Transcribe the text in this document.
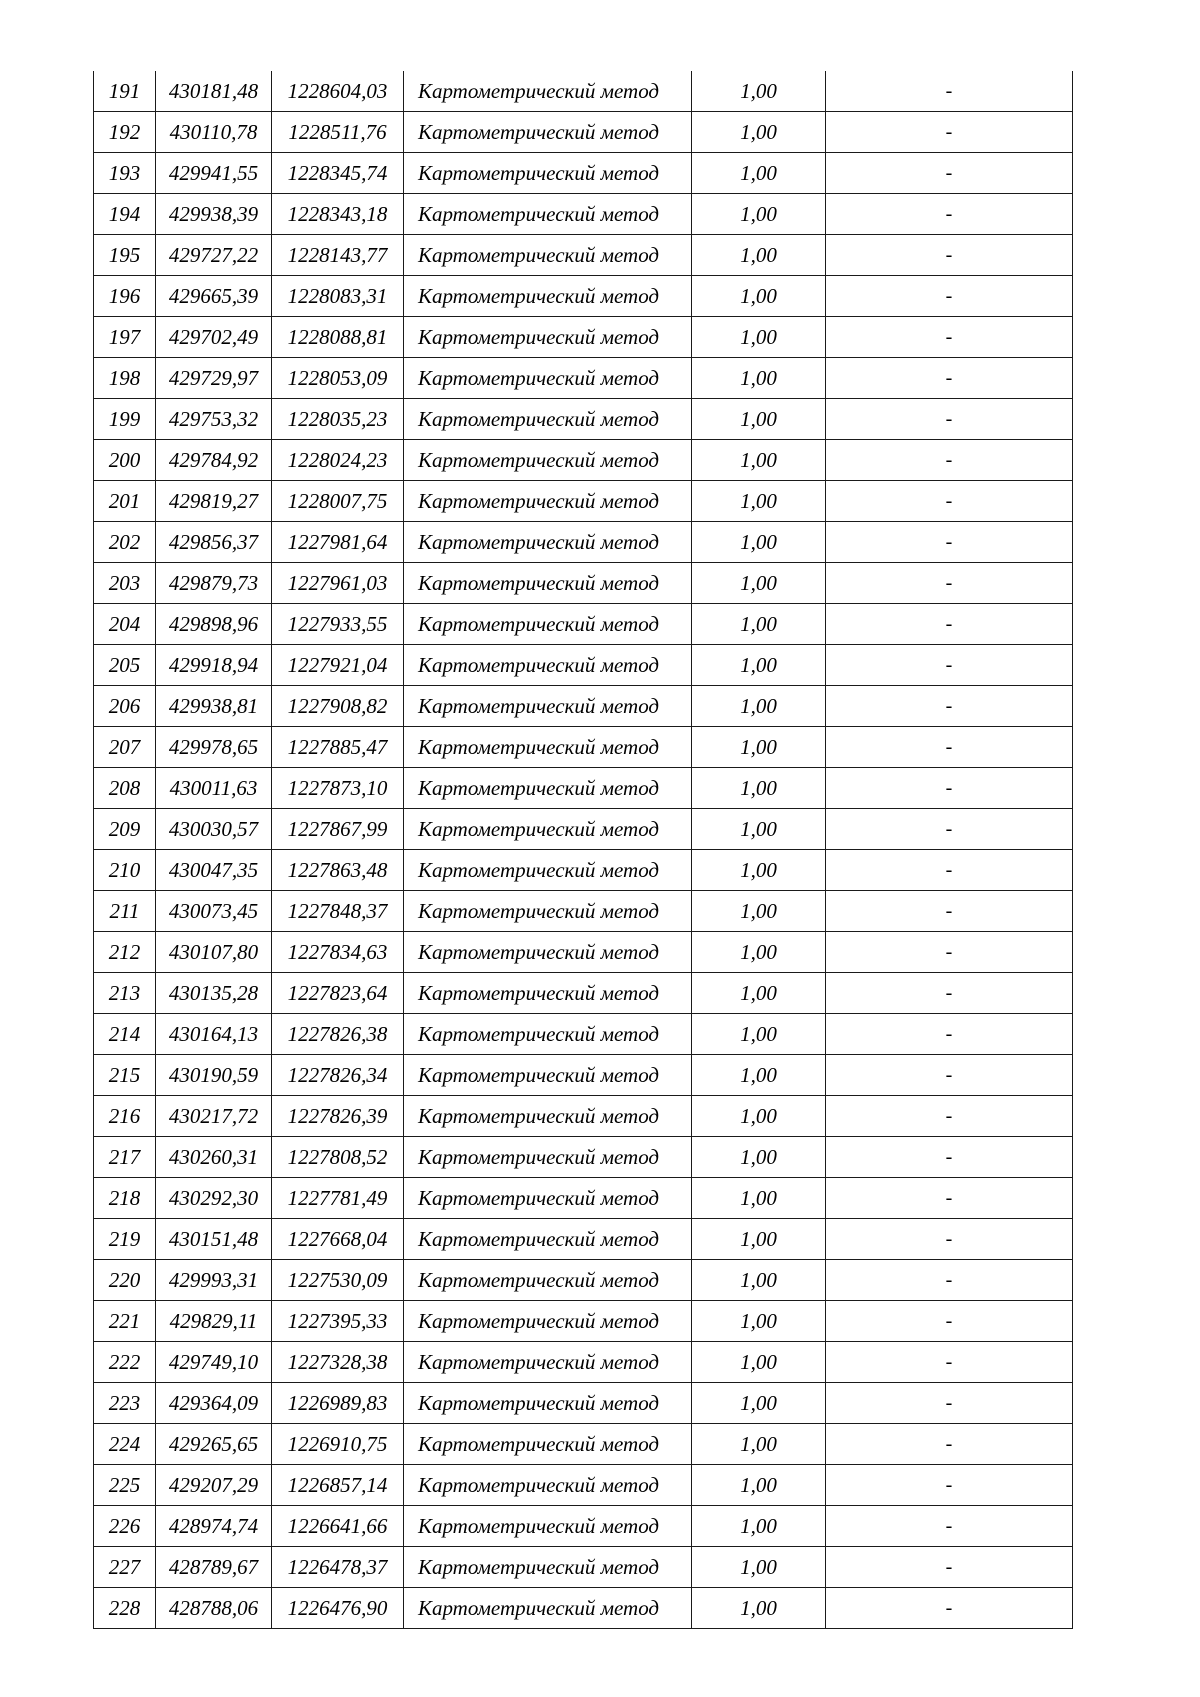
191	430181,48	1228604,03	Картометрический метод	1,00	-
192	430110,78	1228511,76	Картометрический метод	1,00	-
193	429941,55	1228345,74	Картометрический метод	1,00	-
194	429938,39	1228343,18	Картометрический метод	1,00	-
195	429727,22	1228143,77	Картометрический метод	1,00	-
196	429665,39	1228083,31	Картометрический метод	1,00	-
197	429702,49	1228088,81	Картометрический метод	1,00	-
198	429729,97	1228053,09	Картометрический метод	1,00	-
199	429753,32	1228035,23	Картометрический метод	1,00	-
200	429784,92	1228024,23	Картометрический метод	1,00	-
201	429819,27	1228007,75	Картометрический метод	1,00	-
202	429856,37	1227981,64	Картометрический метод	1,00	-
203	429879,73	1227961,03	Картометрический метод	1,00	-
204	429898,96	1227933,55	Картометрический метод	1,00	-
205	429918,94	1227921,04	Картометрический метод	1,00	-
206	429938,81	1227908,82	Картометрический метод	1,00	-
207	429978,65	1227885,47	Картометрический метод	1,00	-
208	430011,63	1227873,10	Картометрический метод	1,00	-
209	430030,57	1227867,99	Картометрический метод	1,00	-
210	430047,35	1227863,48	Картометрический метод	1,00	-
211	430073,45	1227848,37	Картометрический метод	1,00	-
212	430107,80	1227834,63	Картометрический метод	1,00	-
213	430135,28	1227823,64	Картометрический метод	1,00	-
214	430164,13	1227826,38	Картометрический метод	1,00	-
215	430190,59	1227826,34	Картометрический метод	1,00	-
216	430217,72	1227826,39	Картометрический метод	1,00	-
217	430260,31	1227808,52	Картометрический метод	1,00	-
218	430292,30	1227781,49	Картометрический метод	1,00	-
219	430151,48	1227668,04	Картометрический метод	1,00	-
220	429993,31	1227530,09	Картометрический метод	1,00	-
221	429829,11	1227395,33	Картометрический метод	1,00	-
222	429749,10	1227328,38	Картометрический метод	1,00	-
223	429364,09	1226989,83	Картометрический метод	1,00	-
224	429265,65	1226910,75	Картометрический метод	1,00	-
225	429207,29	1226857,14	Картометрический метод	1,00	-
226	428974,74	1226641,66	Картометрический метод	1,00	-
227	428789,67	1226478,37	Картометрический метод	1,00	-
228	428788,06	1226476,90	Картометрический метод	1,00	-
